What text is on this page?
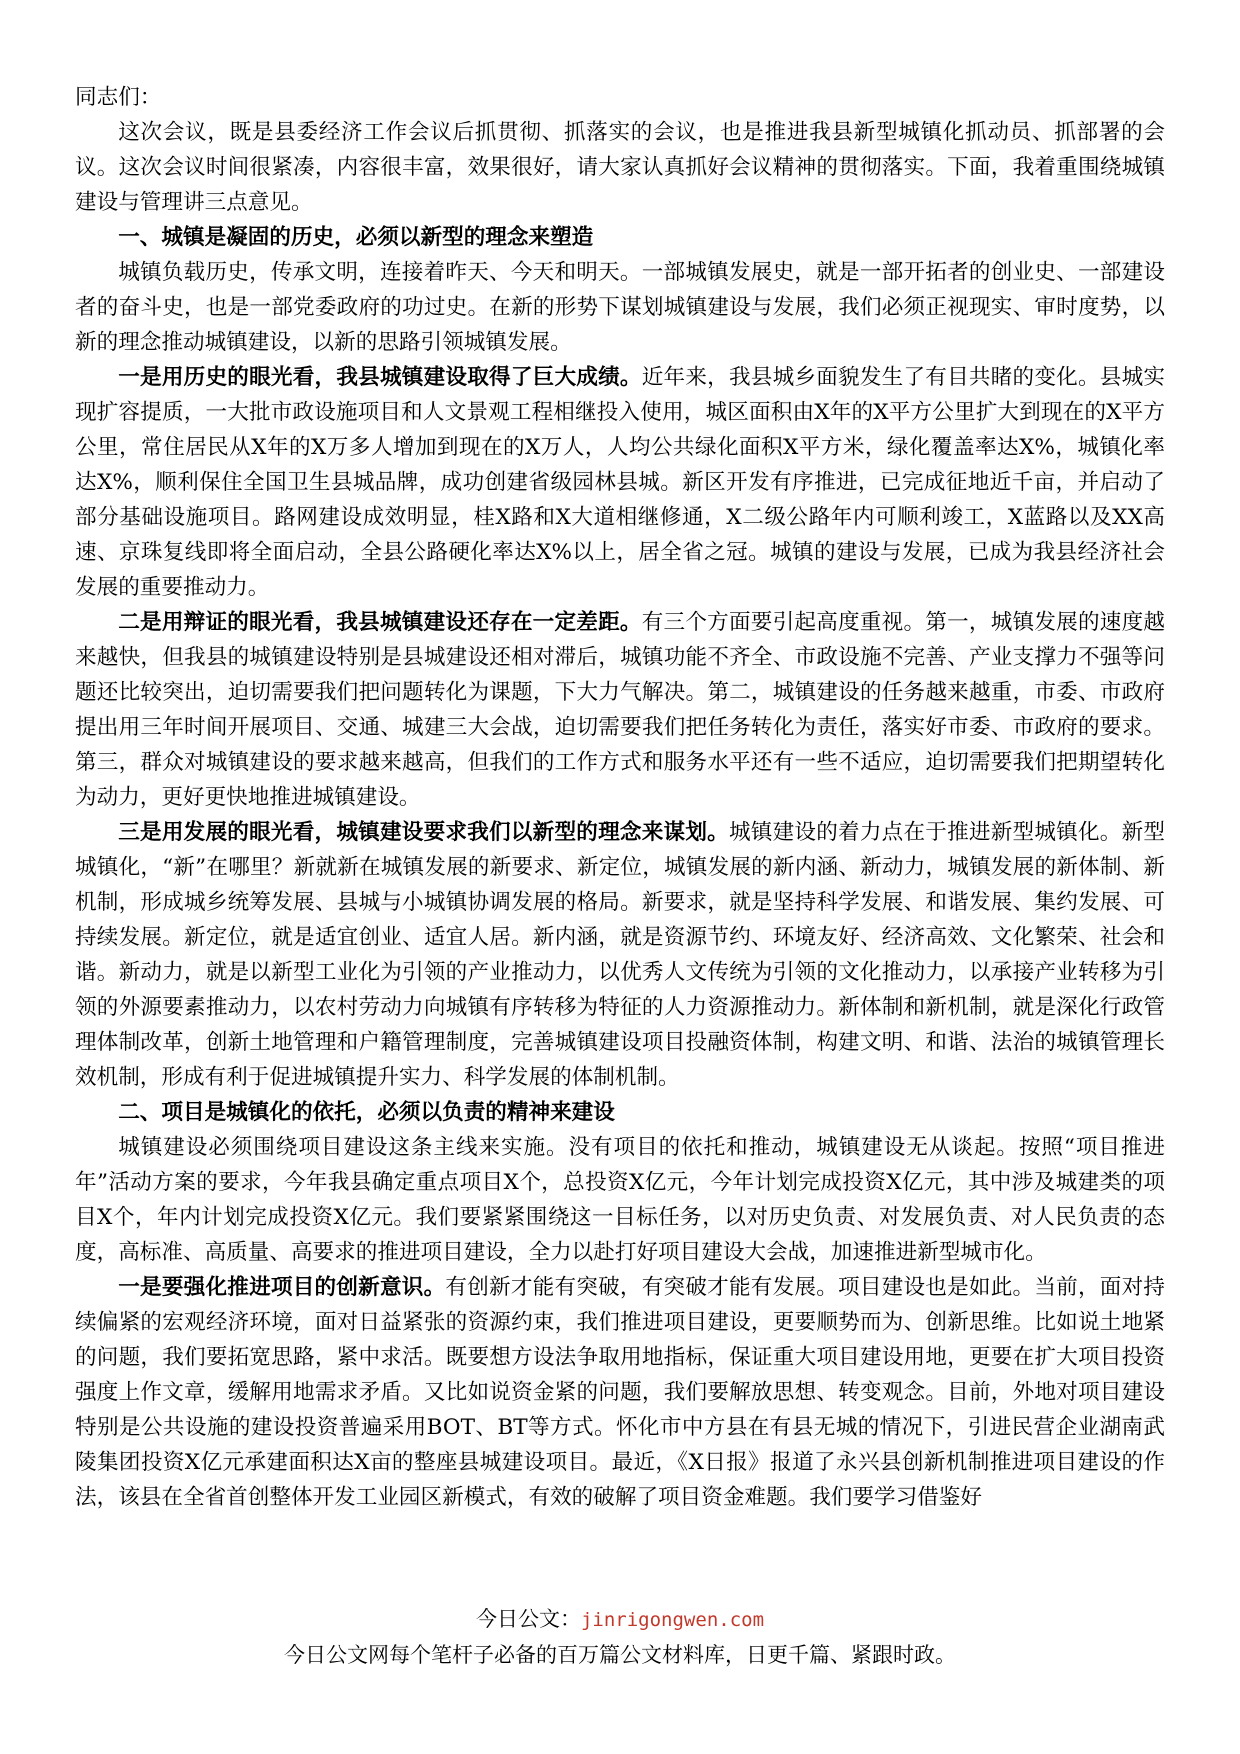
同志们：

这次会议，既是县委经济工作会议后抓贯彻、抓落实的会议，也是推进我县新型城镇化抓动员、抓部署的会议。这次会议时间很紧凑，内容很丰富，效果很好，请大家认真抓好会议精神的贯彻落实。下面，我着重围绕城镇建设与管理讲三点意见。

一、城镇是凝固的历史，必须以新型的理念来塑造

城镇负载历史，传承文明，连接着昨天、今天和明天。一部城镇发展史，就是一部开拓者的创业史、一部建设者的奋斗史，也是一部党委政府的功过史。在新的形势下谋划城镇建设与发展，我们必须正视现实、审时度势，以新的理念推动城镇建设，以新的思路引领城镇发展。

一是用历史的眼光看，我县城镇建设取得了巨大成绩。近年来，我县城乡面貌发生了有目共睹的变化。县城实现扩容提质，一大批市政设施项目和人文景观工程相继投入使用，城区面积由X年的X平方公里扩大到现在的X平方公里，常住居民从X年的X万多人增加到现在的X万人，人均公共绿化面积X平方米，绿化覆盖率达X%，城镇化率达X%，顺利保住全国卫生县城品牌，成功创建省级园林县城。新区开发有序推进，已完成征地近千亩，并启动了部分基础设施项目。路网建设成效明显，桂X路和X大道相继修通，X二级公路年内可顺利竣工，X蓝路以及XX高速、京珠复线即将全面启动，全县公路硬化率达X%以上，居全省之冠。城镇的建设与发展，已成为我县经济社会发展的重要推动力。

二是用辩证的眼光看，我县城镇建设还存在一定差距。有三个方面要引起高度重视。第一，城镇发展的速度越来越快，但我县的城镇建设特别是县城建设还相对滞后，城镇功能不齐全、市政设施不完善、产业支撑力不强等问题还比较突出，迫切需要我们把问题转化为课题，下大力气解决。第二，城镇建设的任务越来越重，市委、市政府提出用三年时间开展项目、交通、城建三大会战，迫切需要我们把任务转化为责任，落实好市委、市政府的要求。第三，群众对城镇建设的要求越来越高，但我们的工作方式和服务水平还有一些不适应，迫切需要我们把期望转化为动力，更好更快地推进城镇建设。

三是用发展的眼光看，城镇建设要求我们以新型的理念来谋划。城镇建设的着力点在于推进新型城镇化。新型城镇化，“新”在哪里？新就新在城镇发展的新要求、新定位，城镇发展的新内涵、新动力，城镇发展的新体制、新机制，形成城乡统筹发展、县城与小城镇协调发展的格局。新要求，就是坚持科学发展、和谐发展、集约发展、可持续发展。新定位，就是适宜创业、适宜人居。新内涵，就是资源节约、环境友好、经济高效、文化繁荣、社会和谐。新动力，就是以新型工业化为引领的产业推动力，以优秀人文传统为引领的文化推动力，以承接产业转移为引领的外源要素推动力，以农村劳动力向城镇有序转移为特征的人力资源推动力。新体制和新机制，就是深化行政管理体制改革，创新土地管理和户籍管理制度，完善城镇建设项目投融资体制，构建文明、和谐、法治的城镇管理长效机制，形成有利于促进城镇提升实力、科学发展的体制机制。

二、项目是城镇化的依托，必须以负责的精神来建设

城镇建设必须围绕项目建设这条主线来实施。没有项目的依托和推动，城镇建设无从谈起。按照“项目推进年”活动方案的要求，今年我县确定重点项目X个，总投资X亿元，今年计划完成投资X亿元，其中涉及城建类的项目X个，年内计划完成投资X亿元。我们要紧紧围绕这一目标任务，以对历史负责、对发展负责、对人民负责的态度，高标准、高质量、高要求的推进项目建设，全力以赴打好项目建设大会战，加速推进新型城市化。

一是要强化推进项目的创新意识。有创新才能有突破，有突破才能有发展。项目建设也是如此。当前，面对持续偏紧的宏观经济环境，面对日益紧张的资源约束，我们推进项目建设，更要顺势而为、创新思维。比如说土地紧的问题，我们要拓宽思路，紧中求活。既要想方设法争取用地指标，保证重大项目建设用地，更要在扩大项目投资强度上作文章，缓解用地需求矛盾。又比如说资金紧的问题，我们要解放思想、转变观念。目前，外地对项目建设特别是公共设施的建设投资普遍采用BOT、BT等方式。怀化市中方县在有县无城的情况下，引进民营企业湖南武陵集团投资X亿元承建面积达X亩的整座县城建设项目。最近，《X日报》报道了永兴县创新机制推进项目建设的作法，该县在全省首创整体开发工业园区新模式，有效的破解了项目资金难题。我们要学习借鉴好

今日公文：jinrigongwen.com
今日公文网每个笔杆子必备的百万篇公文材料库，日更千篇、紧跟时政。
